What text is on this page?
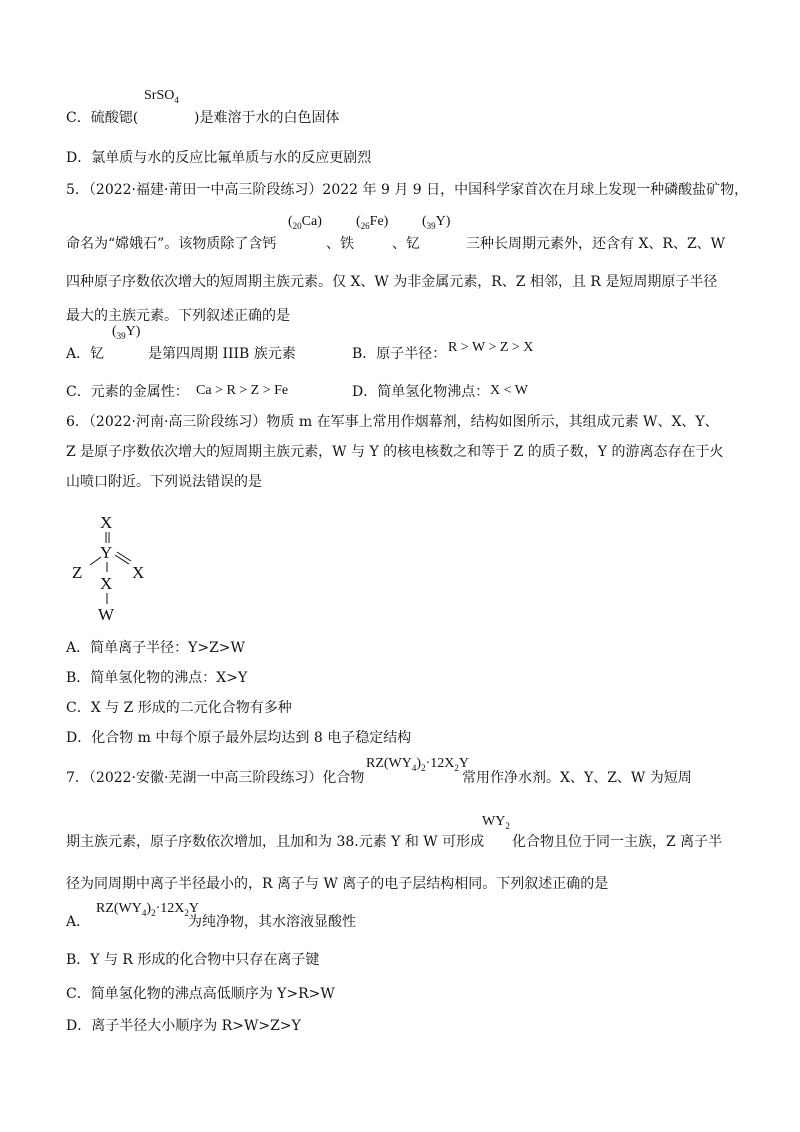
C．硫酸锶(
SrSO$_4$
)是难溶于水的白色固体
D．氯单质与水的反应比氟单质与水的反应更剧烈
5．（2022·福建·莆田一中高三阶段练习）2022 年 9 月 9 日，中国科学家首次在月球上发现一种磷酸盐矿物，
命名为“嫦娥石”。该物质除了含钙
$(_{20}Ca)$
、铁
$(_{26}Fe)$
、钇
$(_{39}Y)$
三种长周期元素外，还含有 X、R、Z、W
四种原子序数依次增大的短周期主族元素。仅 X、W 为非金属元素，R、Z 相邻，且 R 是短周期原子半径
最大的主族元素。下列叙述正确的是
A．钇
$(_{39}Y)$
是第四周期 IIIB 族元素	B．原子半径： R > W > Z > X
C．元素的金属性： Ca > R > Z > Fe	D．简单氢化物沸点： X < W
6．（2022·河南·高三阶段练习）物质 m 在军事上常用作烟幕剂，结构如图所示，其组成元素 W、X、Y、
Z 是原子序数依次增大的短周期主族元素，W 与 Y 的核电核数之和等于 Z 的质子数，Y 的游离态存在于火
山喷口附近。下列说法错误的是
X
Y
X
Z
X
W
A．简单离子半径：Y>Z>W
B．简单氢化物的沸点：X>Y
C．X 与 Z 形成的二元化合物有多种
D．化合物 m 中每个原子最外层均达到 8 电子稳定结构
7．（2022·安徽·芜湖一中高三阶段练习）化合物
$RZ(WY_4)_2\cdot 12X_2Y$
常用作净水剂。X、Y、Z、W 为短周
期主族元素，原子序数依次增加，且加和为 38.元素 Y 和 W 可形成
$WY_2$
化合物且位于同一主族，Z 离子半
径为同周期中离子半径最小的，R 离子与 W 离子的电子层结构相同。下列叙述正确的是
A．
$RZ(WY_4)_2\cdot 12X_2Y$
为纯净物，其水溶液显酸性
B．Y 与 R 形成的化合物中只存在离子键
C．简单氢化物的沸点高低顺序为 Y>R>W
D．离子半径大小顺序为 R>W>Z>Y
